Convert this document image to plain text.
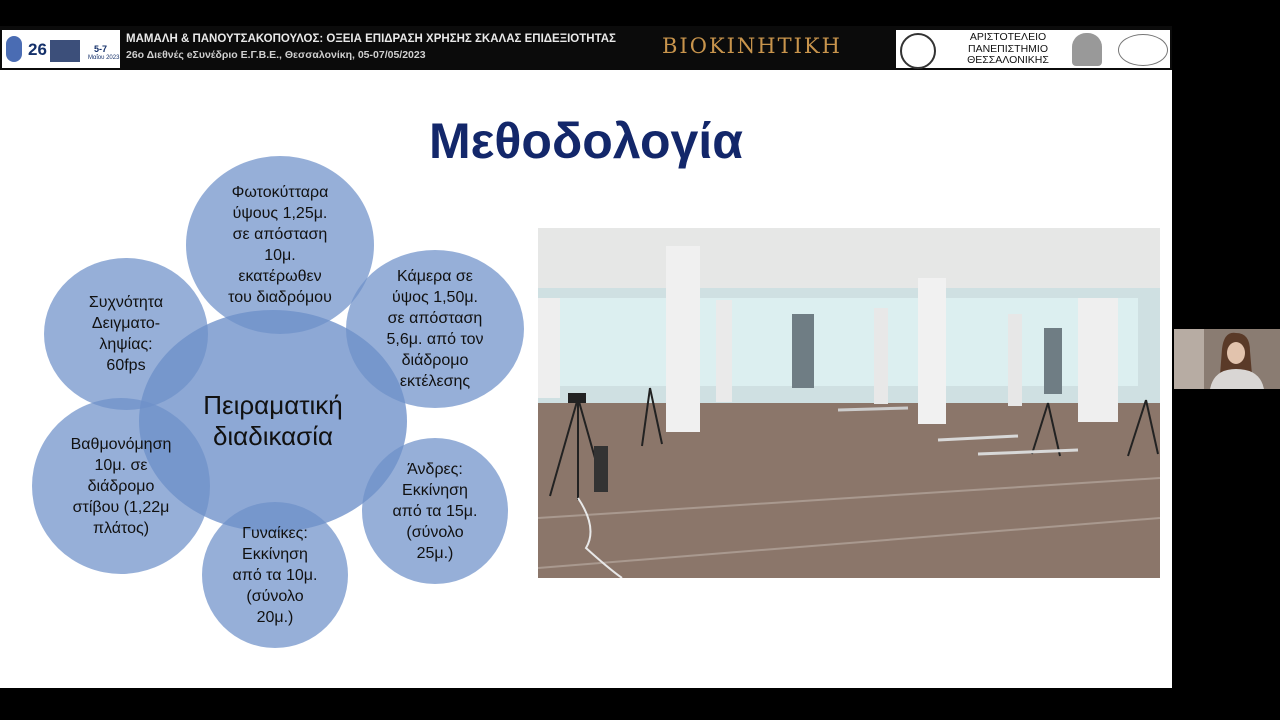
26	5-7
Μαΐου 2023
ΜΑΜΑΛΗ & ΠΑΝΟΥΤΣΑΚΟΠΟΥΛΟΣ: ΟΞΕΙΑ ΕΠΙΔΡΑΣΗ ΧΡΗΣΗΣ ΣΚΑΛΑΣ ΕΠΙΔΕΞΙΟΤΗΤΑΣ
26ο Διεθνές eΣυνέδριο Ε.Γ.Β.Ε., Θεσσαλονίκη, 05-07/05/2023	BIOKINHTIKH	ΑΡΙΣΤΟΤΕΛΕΙΟ
ΠΑΝΕΠΙΣΤΗΜΙΟ
ΘΕΣΣΑΛΟΝΙΚΗΣ
Μεθοδολογία
Πειραματική
διαδικασία
Φωτοκύτταρα
ύψους 1,25μ.
σε απόσταση
10μ.
εκατέρωθεν
του διαδρόμου
Κάμερα σε
ύψος 1,50μ.
σε απόσταση
5,6μ. από τον
διάδρομο
εκτέλεσης
Άνδρες:
Εκκίνηση
από τα 15μ.
(σύνολο
25μ.)
Γυναίκες:
Εκκίνηση
από τα 10μ.
(σύνολο
20μ.)
Βαθμονόμηση
10μ. σε
διάδρομο
στίβου (1,22μ
πλάτος)
Συχνότητα
Δειγματο-
ληψίας:
60fps
